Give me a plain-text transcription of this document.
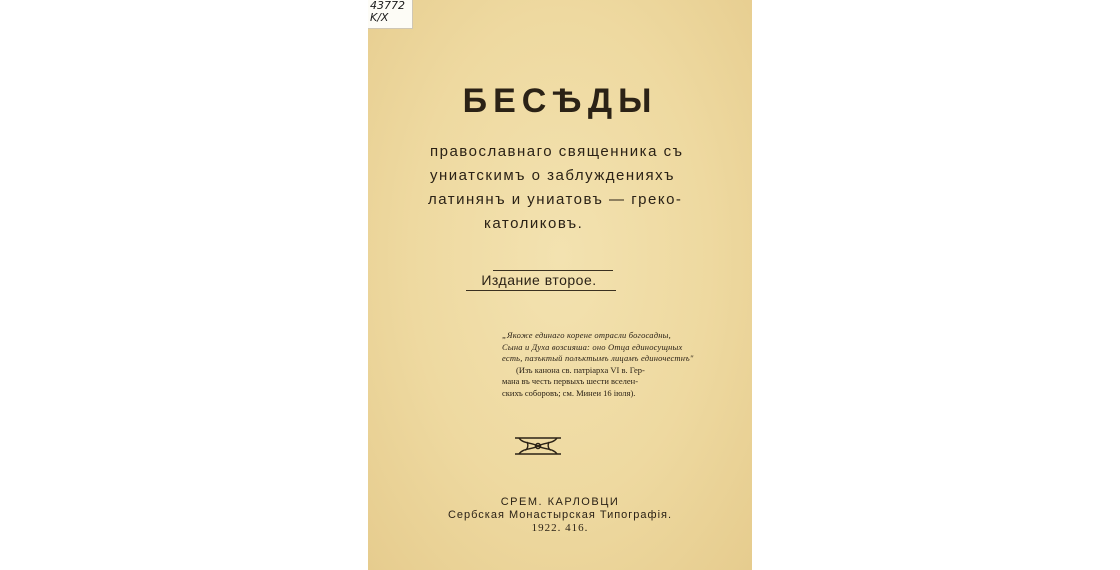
43772
K/X
БЕСѢДЫ
православнаго священника съ
униатскимъ о заблужденияхъ
латинянъ и униатовъ — греко-
католиковъ.
Издание второе.
„Якоже единаго корене отрасли богосадны,
Сына и Духа возсияша: оно Отца единосущных
есть, пазъктый полъктымъ лицамъ единочестнъ"
(Изъ канона св. патріарха VI в. Гер-
мана въ честь первыхъ шести вселен-
скихъ соборовъ; см. Минеи 16 іюля).
СРЕМ. КАРЛОВЦИ
Сербская Монастырская Типографія.
1922. 416.
